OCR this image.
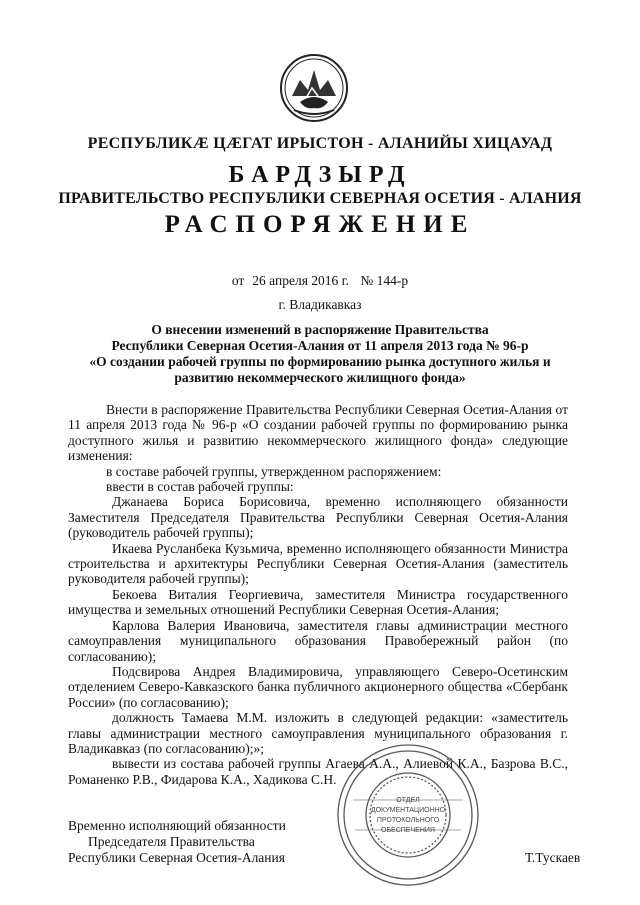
РЕСПУБЛИКӔ ЦӔГАТ ИРЫСТОН - АЛАНИЙЫ ХИЦАУАД
БАРДЗЫРД
ПРАВИТЕЛЬСТВО РЕСПУБЛИКИ СЕВЕРНАЯ ОСЕТИЯ - АЛАНИЯ
РАСПОРЯЖЕНИЕ
от 26 апреля 2016 г. № 144-р
г. Владикавказ
О внесении изменений в распоряжение Правительства
Республики Северная Осетия-Алания от 11 апреля 2013 года № 96-р
«О создании рабочей группы по формированию рынка доступного жилья и
развитию некоммерческого жилищного фонда»

Внести в распоряжение Правительства Республики Северная Осетия-Алания от 11 апреля 2013 года № 96-р «О создании рабочей группы по формированию рынка доступного жилья и развитию некоммерческого жилищного фонда» следующие изменения:

в составе рабочей группы, утвержденном распоряжением:

ввести в состав рабочей группы:

Джанаева Бориса Борисовича, временно исполняющего обязанности Заместителя Председателя Правительства Республики Северная Осетия-Алания (руководитель рабочей группы);

Икаева Русланбека Кузьмича, временно исполняющего обязанности Министра строительства и архитектуры Республики Северная Осетия-Алания (заместитель руководителя рабочей группы);

Бекоева Виталия Георгиевича, заместителя Министра государственного имущества и земельных отношений Республики Северная Осетия-Алания;

Карлова Валерия Ивановича, заместителя главы администрации местного самоуправления муниципального образования Правобережный район (по согласованию);

Подсвирова Андрея Владимировича, управляющего Северо-Осетинским отделением Северо-Кавказского банка публичного акционерного общества «Сбербанк России» (по согласованию);

должность Тамаева М.М. изложить в следующей редакции: «заместитель главы администрации местного самоуправления муниципального образования г. Владикавказ (по согласованию);»;

вывести из состава рабочей группы Агаева А.А., Алиевой К.А., Базрова В.С., Романенко Р.В., Фидарова К.А., Хадикова С.Н.

Временно исполняющий обязанности
Председателя Правительства
Республики Северная Осетия-Алания	Т.Тускаев
ОТДЕЛ
ДОКУМЕНТАЦИОННО
ПРОТОКОЛЬНОГО
ОБЕСПЕЧЕНИЯ
